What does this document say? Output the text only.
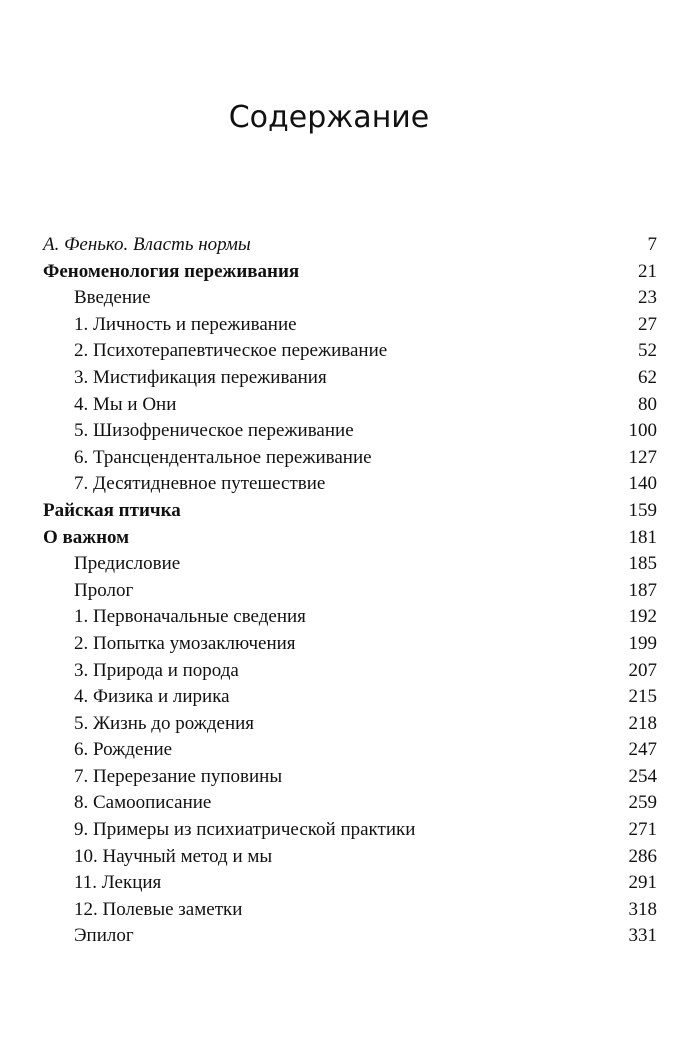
Содержание
А. Фенько. Власть нормы	7
Феноменология переживания	21
Введение	23
1. Личность и переживание	27
2. Психотерапевтическое переживание	52
3. Мистификация переживания	62
4. Мы и Они	80
5. Шизофреническое переживание	100
6. Трансцендентальное переживание	127
7. Десятидневное путешествие	140
Райская птичка	159
О важном	181
Предисловие	185
Пролог	187
1. Первоначальные сведения	192
2. Попытка умозаключения	199
3. Природа и порода	207
4. Физика и лирика	215
5. Жизнь до рождения	218
6. Рождение	247
7. Перерезание пуповины	254
8. Самоописание	259
9. Примеры из психиатрической практики	271
10. Научный метод и мы	286
11. Лекция	291
12. Полевые заметки	318
Эпилог	331
